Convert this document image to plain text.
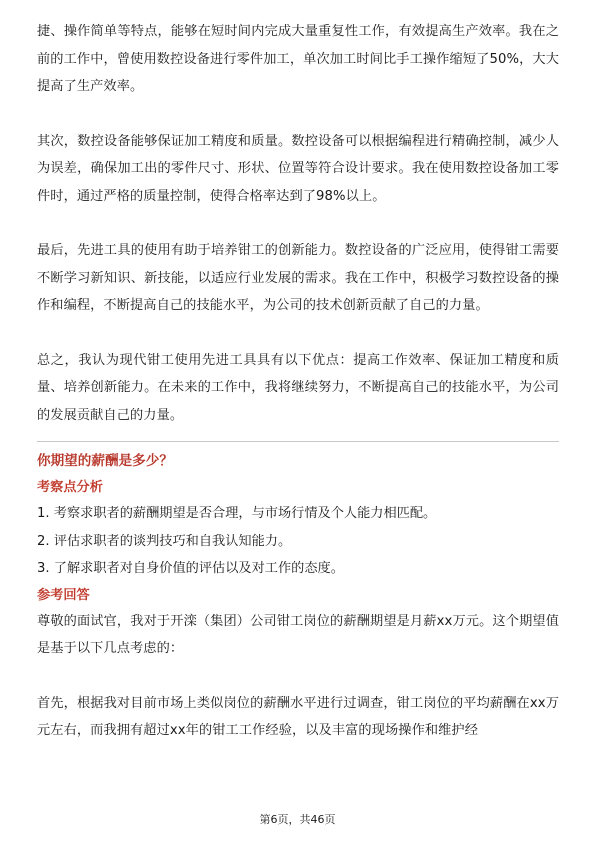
捷、操作简单等特点，能够在短时间内完成大量重复性工作，有效提高生产效率。我在之前的工作中，曾使用数控设备进行零件加工，单次加工时间比手工操作缩短了50%，大大提高了生产效率。

其次，数控设备能够保证加工精度和质量。数控设备可以根据编程进行精确控制，减少人为误差，确保加工出的零件尺寸、形状、位置等符合设计要求。我在使用数控设备加工零件时，通过严格的质量控制，使得合格率达到了98%以上。

最后，先进工具的使用有助于培养钳工的创新能力。数控设备的广泛应用，使得钳工需要不断学习新知识、新技能，以适应行业发展的需求。我在工作中，积极学习数控设备的操作和编程，不断提高自己的技能水平，为公司的技术创新贡献了自己的力量。

总之，我认为现代钳工使用先进工具具有以下优点：提高工作效率、保证加工精度和质量、培养创新能力。在未来的工作中，我将继续努力，不断提高自己的技能水平，为公司的发展贡献自己的力量。

你期望的薪酬是多少？

考察点分析

1. 考察求职者的薪酬期望是否合理，与市场行情及个人能力相匹配。
2. 评估求职者的谈判技巧和自我认知能力。
3. 了解求职者对自身价值的评估以及对工作的态度。

参考回答

尊敬的面试官，我对于开滦（集团）公司钳工岗位的薪酬期望是月薪xx万元。这个期望值是基于以下几点考虑的：

首先，根据我对目前市场上类似岗位的薪酬水平进行过调查，钳工岗位的平均薪酬在xx万元左右，而我拥有超过xx年的钳工工作经验，以及丰富的现场操作和维护经

第6页，共46页
